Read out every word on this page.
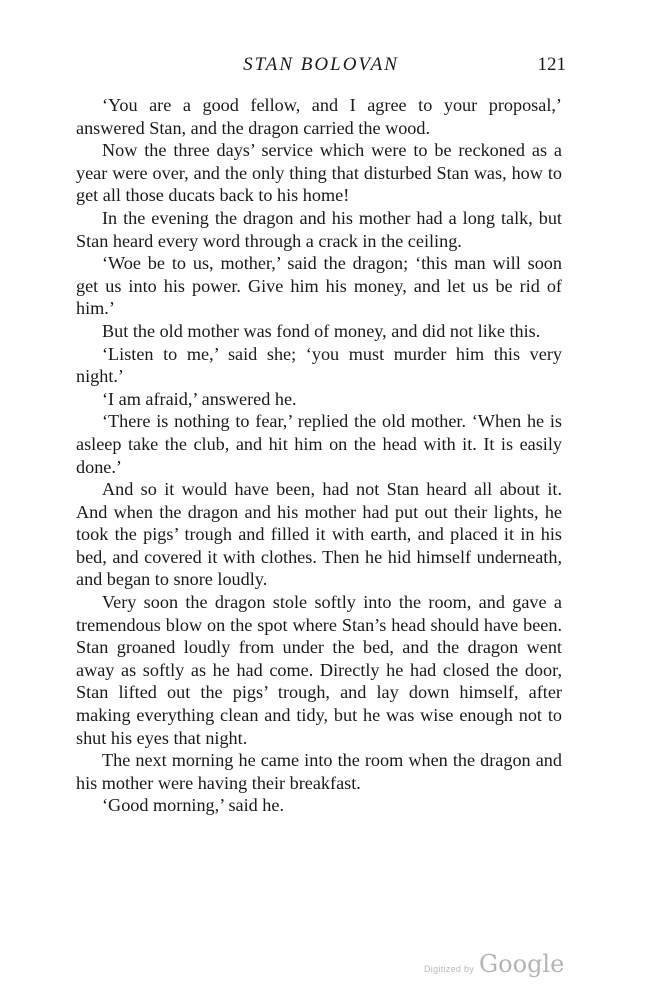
STAN BOLOVAN	121

‘You are a good fellow, and I agree to your proposal,’ answered Stan, and the dragon carried the wood.

Now the three days’ service which were to be reckoned as a year were over, and the only thing that disturbed Stan was, how to get all those ducats back to his home!

In the evening the dragon and his mother had a long talk, but Stan heard every word through a crack in the ceiling.

‘Woe be to us, mother,’ said the dragon; ‘this man will soon get us into his power. Give him his money, and let us be rid of him.’

But the old mother was fond of money, and did not like this.

‘Listen to me,’ said she; ‘you must murder him this very night.’

‘I am afraid,’ answered he.

‘There is nothing to fear,’ replied the old mother. ‘When he is asleep take the club, and hit him on the head with it. It is easily done.’

And so it would have been, had not Stan heard all about it. And when the dragon and his mother had put out their lights, he took the pigs’ trough and filled it with earth, and placed it in his bed, and covered it with clothes. Then he hid himself underneath, and began to snore loudly.

Very soon the dragon stole softly into the room, and gave a tremendous blow on the spot where Stan’s head should have been. Stan groaned loudly from under the bed, and the dragon went away as softly as he had come. Directly he had closed the door, Stan lifted out the pigs’ trough, and lay down himself, after making everything clean and tidy, but he was wise enough not to shut his eyes that night.

The next morning he came into the room when the dragon and his mother were having their breakfast.

‘Good morning,’ said he.

Digitized by Google
